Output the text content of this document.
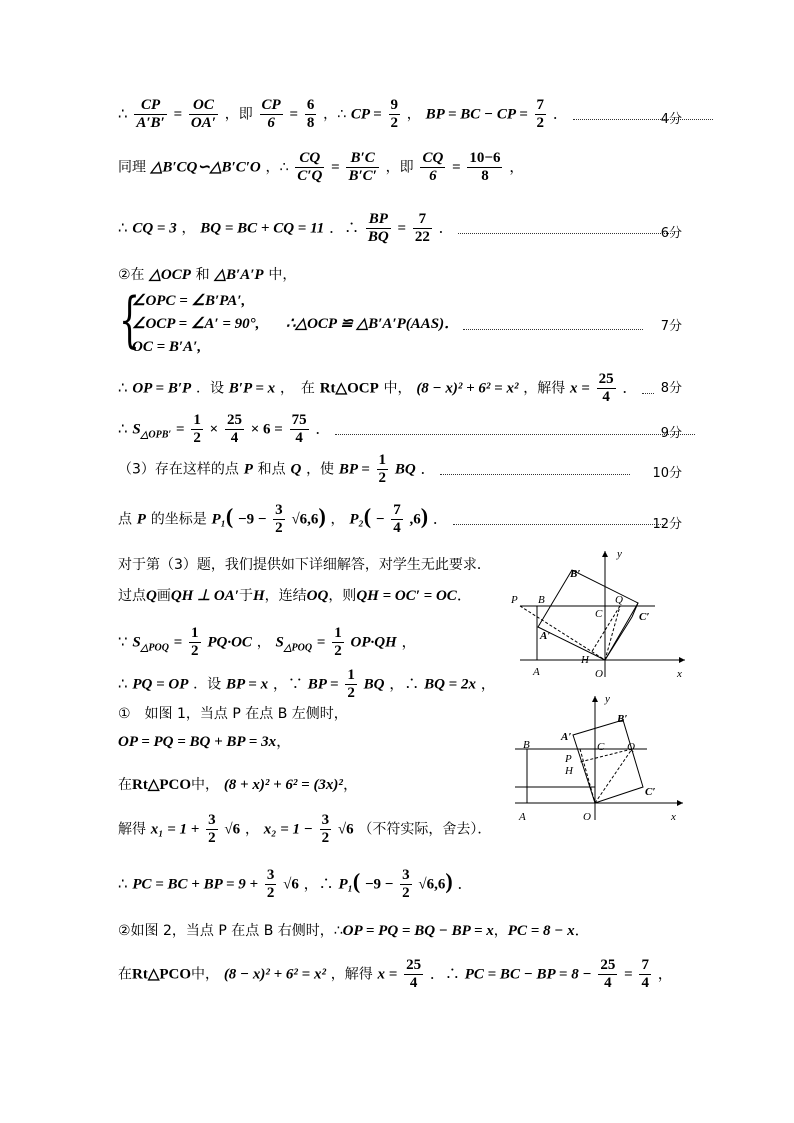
∴ $\frac{CP}{A'B'} = \frac{OC}{OA'}$ ，即 $\frac{CP}{6} = \frac{6}{8}$ ，∴ CP = $\frac{9}{2}$ ， BP = BC − CP = $\frac{7}{2}$ ．	4分
同理 △B′CQ∽△B′C′O ，∴ $\frac{CQ}{C'Q} = \frac{B'C}{B'C'}$ ，即 $\frac{CQ}{6} = \frac{10-6}{8}$ ，
∴ CQ = 3 ， BQ = BC + CQ = 11 ．∴ $\frac{BP}{BQ} = \frac{7}{22}$ ．	6分
②在 △OCP 和 △B′A′P 中，
{
∠OPC = ∠B′PA′,
∠OCP = ∠A′ = 90°,
OC = B′A′,
∴△OCP ≌ △B′A′P(AAS)．	7分
∴ OP = B′P ．设 B′P = x ，　在 Rt△OCP 中， (8 − x)² + 6² = x² ，解得 $x = \frac{25}{4}$ ．	8分
∴ $S_{\triangle OPB'} = \frac{1}{2} \times \frac{25}{4} \times 6 = \frac{75}{4}$ ．	9分
（3）存在这样的点 P 和点 Q ，使 BP = $\frac{1}{2}$ BQ ．	10分
点 P 的坐标是 $P_1( -9 - \frac{3}{2} √6,6)$ ， $P_2( - \frac{7}{4} ,6)$ ．	12分
对于第（3）题，我们提供如下详细解答，对学生无此要求．
过点Q画QH ⊥ OA′于H，连结OQ，则QH = OC′ = OC．
∵ $S_{\triangle POQ} = \frac{1}{2} PQ\cdot OC$ ， $S_{\triangle POQ} = \frac{1}{2} OP\cdot QH$ ，
∴ PQ = OP ．设 BP = x ，∵ BP = $\frac{1}{2}$ BQ ，∴ BQ = 2x ，
①　如图 1，当点 P 在点 B 左侧时，
OP = PQ = BQ + BP = 3x，
在Rt△PCO中， (8 + x)² + 6² = (3x)²，
解得 $x_1 = 1 + \frac{3}{2} √6$ ， $x_2 = 1 - \frac{3}{2} √6$ （不符实际，舍去）．
∴ PC = BC + BP = $9 + \frac{3}{2} √6$ ，∴ $P_1( -9 - \frac{3}{2} √6,6)$ ．
②如图 2，当点 P 在点 B 右侧时，∴OP = PQ = BQ − BP = x，PC = 8 − x．
在Rt△PCO中， (8 − x)² + 6² = x² ，解得 $x = \frac{25}{4}$ ．∴ PC = BC − BP = $8 - \frac{25}{4} = \frac{7}{4}$ ，
y
x
P B
B′
Q
C	C′
A′
H
A	O
y
x
B
A′
B′
P
C Q
H
C′
A	O
